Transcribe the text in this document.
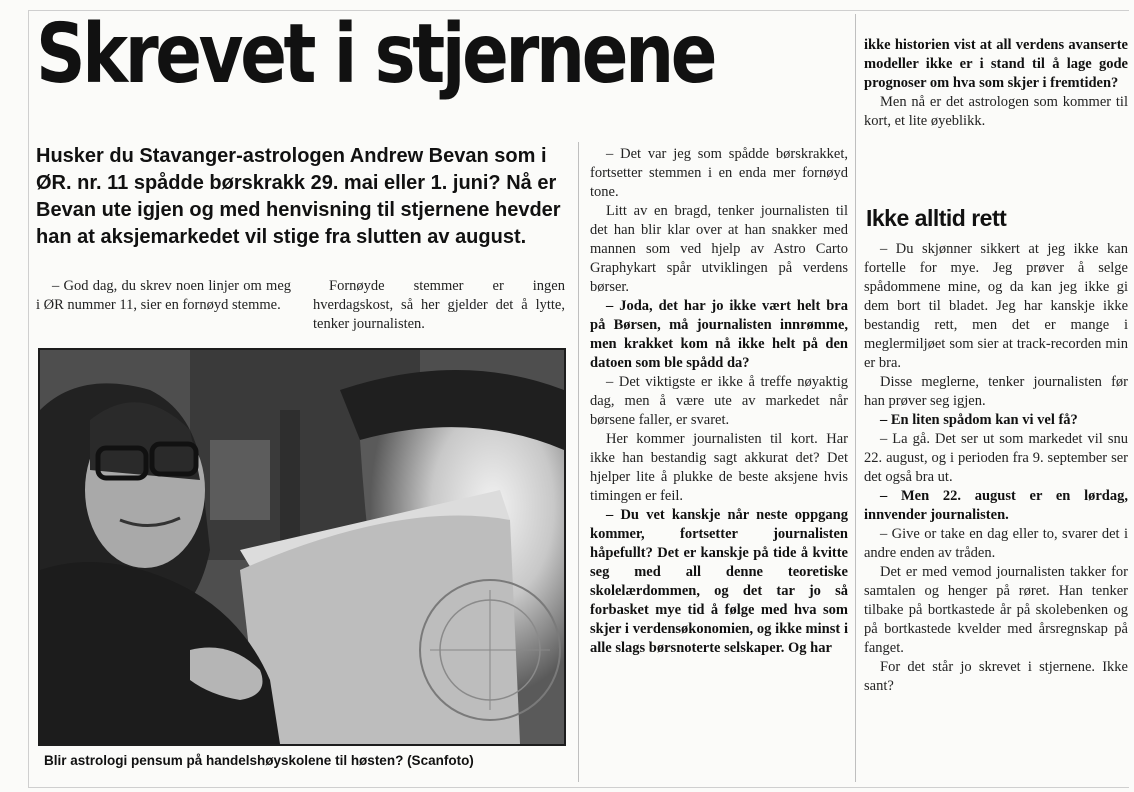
Skrevet i stjernene
Husker du Stavanger-astrologen Andrew Bevan som i ØR. nr. 11 spådde børskrakk 29. mai eller 1. juni? Nå er Bevan ute igjen og med henvisning til stjernene hevder han at aksjemarkedet vil stige fra slutten av august.

– God dag, du skrev noen linjer om meg i ØR nummer 11, sier en fornøyd stemme.

Fornøyde stemmer er ingen hverdagskost, så her gjelder det å lytte, tenker journalisten.

– Det var jeg som spådde børskrakket, fortsetter stemmen i en enda mer fornøyd tone.

Litt av en bragd, tenker journalisten til det han blir klar over at han snakker med mannen som ved hjelp av Astro Carto Graphykart spår utviklingen på verdens børser.

– Joda, det har jo ikke vært helt bra på Børsen, må journalisten innrømme, men krakket kom nå ikke helt på den datoen som ble spådd da?

– Det viktigste er ikke å treffe nøyaktig dag, men å være ute av markedet når børsene faller, er svaret.

Her kommer journalisten til kort. Har ikke han bestandig sagt akkurat det? Det hjelper lite å plukke de beste aksjene hvis timingen er feil.

– Du vet kanskje når neste oppgang kommer, fortsetter journalisten håpefullt? Det er kanskje på tide å kvitte seg med all denne teoretiske skolelærdommen, og det tar jo så forbasket mye tid å følge med hva som skjer i verdensøkonomien, og ikke minst i alle slags børsnoterte selskaper. Og har

ikke historien vist at all verdens avanserte modeller ikke er i stand til å lage gode prognoser om hva som skjer i fremtiden?

Men nå er det astrologen som kommer til kort, et lite øyeblikk.

Ikke alltid rett

– Du skjønner sikkert at jeg ikke kan fortelle for mye. Jeg prøver å selge spådommene mine, og da kan jeg ikke gi dem bort til bladet. Jeg har kanskje ikke bestandig rett, men det er mange i meglermiljøet som sier at track-recorden min er bra.

Disse meglerne, tenker journalisten før han prøver seg igjen.

– En liten spådom kan vi vel få?

– La gå. Det ser ut som markedet vil snu 22. august, og i perioden fra 9. september ser det også bra ut.

– Men 22. august er en lørdag, innvender journalisten.

– Give or take en dag eller to, svarer det i andre enden av tråden.

Det er med vemod journalisten takker for samtalen og henger på røret. Han tenker tilbake på bortkastede år på skolebenken og på bortkastede kvelder med årsregnskap på fanget.

For det står jo skrevet i stjernene. Ikke sant?

Blir astrologi pensum på handelshøyskolene til høsten? (Scanfoto)
